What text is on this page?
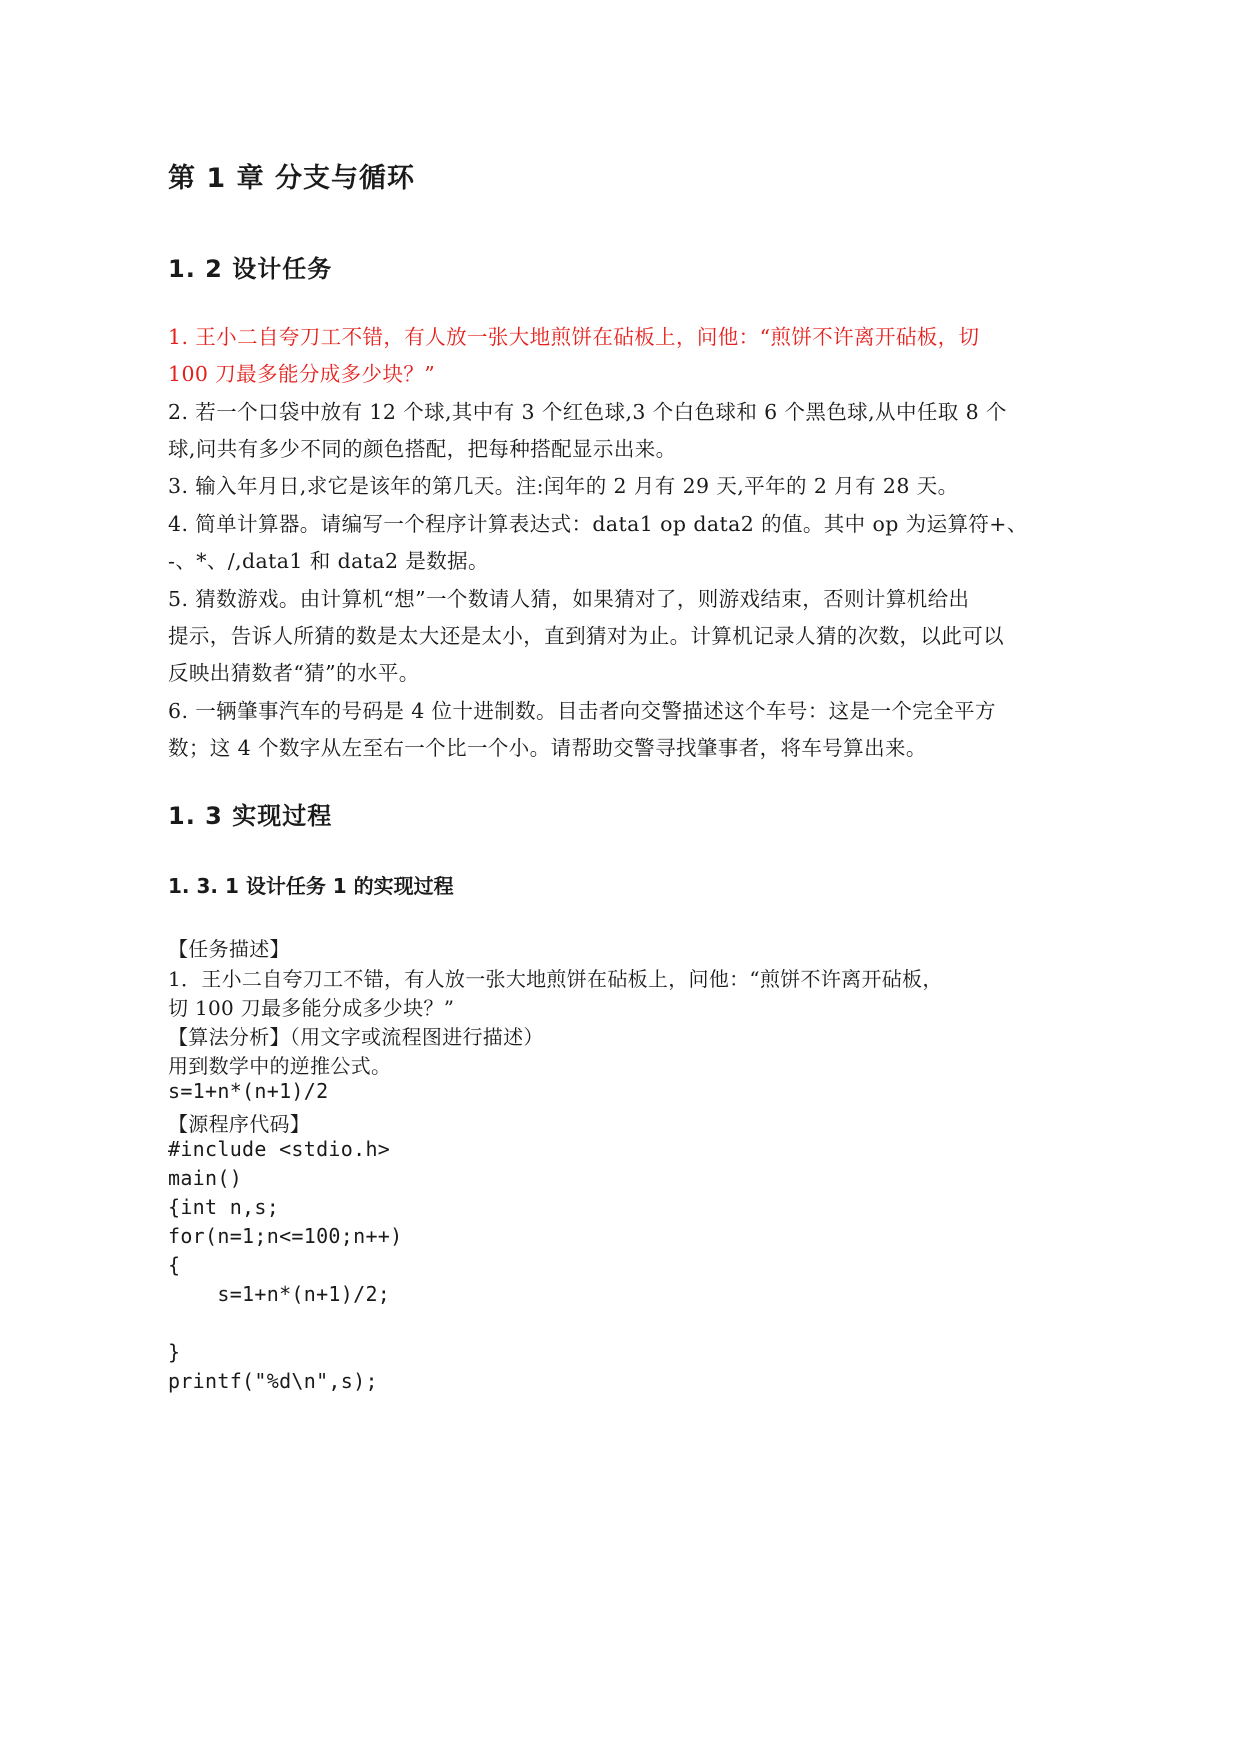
第 1 章 分支与循环
1. 2 设计任务
1. 王小二自夸刀工不错，有人放一张大地煎饼在砧板上，问他：“煎饼不许离开砧板，切
100 刀最多能分成多少块？”
2. 若一个口袋中放有 12 个球,其中有 3 个红色球,3 个白色球和 6 个黑色球,从中任取 8 个
球,问共有多少不同的颜色搭配，把每种搭配显示出来。
3. 输入年月日,求它是该年的第几天。注:闰年的 2 月有 29 天,平年的 2 月有 28 天。
4. 简单计算器。请编写一个程序计算表达式：data1 op data2 的值。其中 op 为运算符+、
-、*、/,data1 和 data2 是数据。
5. 猜数游戏。由计算机“想”一个数请人猜，如果猜对了，则游戏结束，否则计算机给出
提示，告诉人所猜的数是太大还是太小，直到猜对为止。计算机记录人猜的次数，以此可以
反映出猜数者“猜”的水平。
6. 一辆肇事汽车的号码是 4 位十进制数。目击者向交警描述这个车号：这是一个完全平方
数；这 4 个数字从左至右一个比一个小。请帮助交警寻找肇事者，将车号算出来。
1. 3 实现过程
1. 3. 1 设计任务 1 的实现过程
【任务描述】
1．王小二自夸刀工不错，有人放一张大地煎饼在砧板上，问他：“煎饼不许离开砧板，
切 100 刀最多能分成多少块？”
【算法分析】（用文字或流程图进行描述）
用到数学中的逆推公式。
s=1+n*(n+1)/2
【源程序代码】
#include <stdio.h>
main()
{int n,s;
for(n=1;n<=100;n++)
{
s=1+n*(n+1)/2;
}
printf("%d\n",s);
